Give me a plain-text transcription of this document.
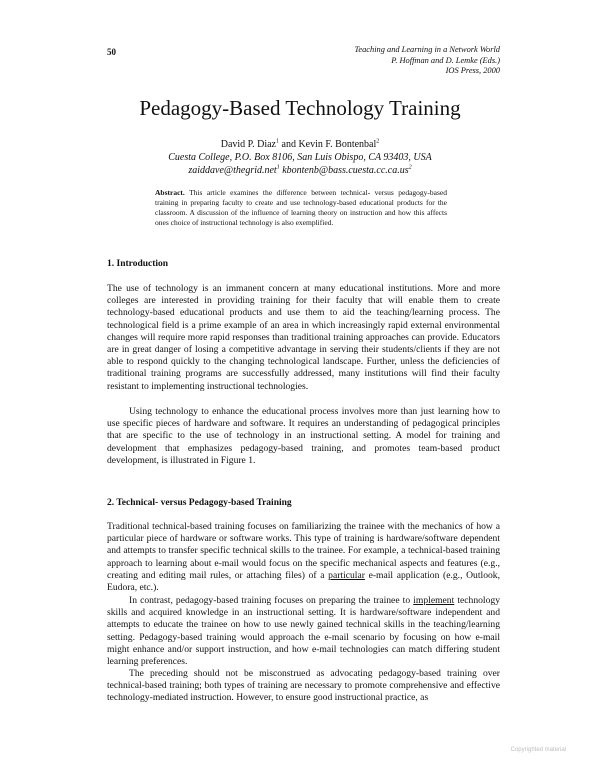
50	Teaching and Learning in a Network World
P. Hoffman and D. Lemke (Eds.)
IOS Press, 2000
Pedagogy-Based Technology Training
David P. Diaz$^1$ and Kevin F. Bontenbal$^2$
Cuesta College, P.O. Box 8106, San Luis Obispo, CA 93403, USA
zaiddave@thegrid.net$^1$ $kbontenb@bass.cuesta.cc.ca.us^2$
Abstract. This article examines the difference between technical- versus pedagogy-based training in preparing faculty to create and use technology-based educational products for the classroom. A discussion of the influence of learning theory on instruction and how this affects ones choice of instructional technology is also exemplified.
1. Introduction

The use of technology is an immanent concern at many educational institutions. More and more colleges are interested in providing training for their faculty that will enable them to create technology-based educational products and use them to aid the teaching/learning process. The technological field is a prime example of an area in which increasingly rapid external environmental changes will require more rapid responses than traditional training approaches can provide. Educators are in great danger of losing a competitive advantage in serving their students/clients if they are not able to respond quickly to the changing technological landscape. Further, unless the deficiencies of traditional training programs are successfully addressed, many institutions will find their faculty resistant to implementing instructional technologies.

Using technology to enhance the educational process involves more than just learning how to use specific pieces of hardware and software. It requires an understanding of pedagogical principles that are specific to the use of technology in an instructional setting. A model for training and development that emphasizes pedagogy-based training, and promotes team-based product development, is illustrated in Figure 1.

2. Technical- versus Pedagogy-based Training

Traditional technical-based training focuses on familiarizing the trainee with the mechanics of how a particular piece of hardware or software works. This type of training is hardware/software dependent and attempts to transfer specific technical skills to the trainee. For example, a technical-based training approach to learning about e-mail would focus on the specific mechanical aspects and features (e.g., creating and editing mail rules, or attaching files) of a particular e-mail application (e.g., Outlook, Eudora, etc.).

In contrast, pedagogy-based training focuses on preparing the trainee to implement technology skills and acquired knowledge in an instructional setting. It is hardware/software independent and attempts to educate the trainee on how to use newly gained technical skills in the teaching/learning setting. Pedagogy-based training would approach the e-mail scenario by focusing on how e-mail might enhance and/or support instruction, and how e-mail technologies can match differing student learning preferences.

The preceding should not be misconstrued as advocating pedagogy-based training over technical-based training; both types of training are necessary to promote comprehensive and effective technology-mediated instruction. However, to ensure good instructional practice, as

Copyrighted material
